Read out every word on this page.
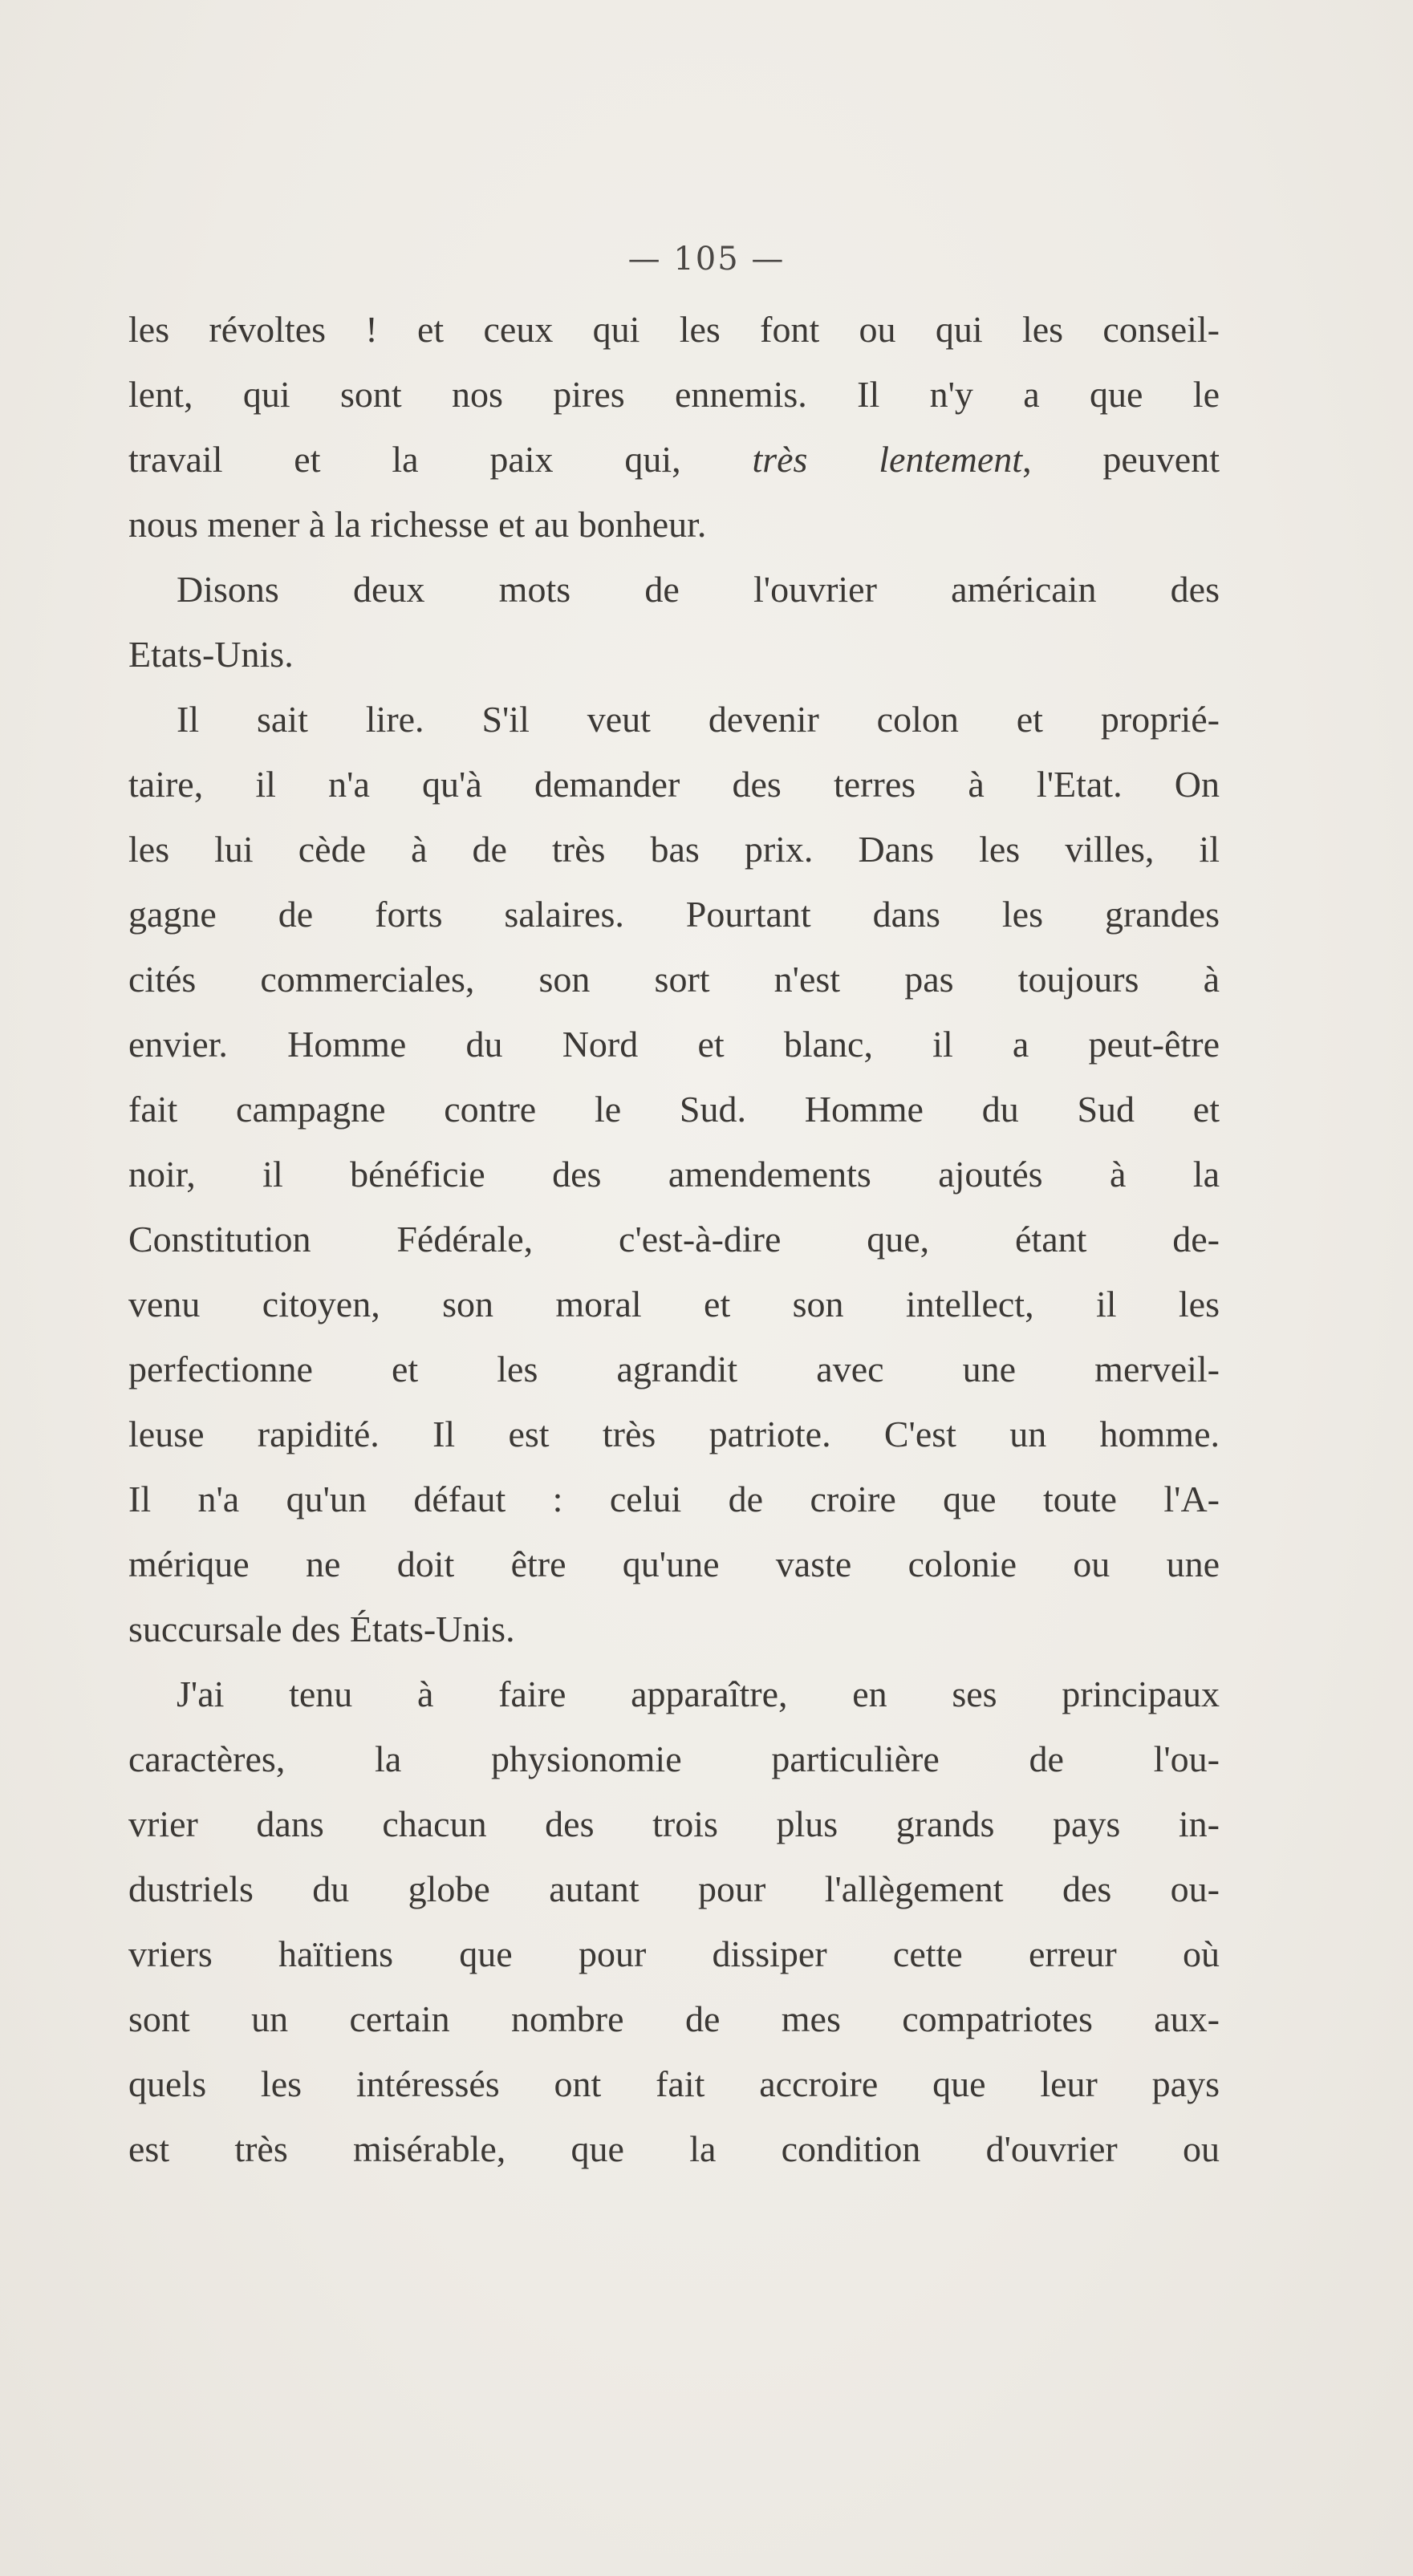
— 105 —
les révoltes ! et ceux qui les font ou qui les conseil-
lent, qui sont nos pires ennemis. Il n'y a que le
travail et la paix qui, très lentement, peuvent
nous mener à la richesse et au bonheur.
Disons deux mots de l'ouvrier américain des
Etats-Unis.
Il sait lire. S'il veut devenir colon et proprié-
taire, il n'a qu'à demander des terres à l'Etat. On
les lui cède à de très bas prix. Dans les villes, il
gagne de forts salaires. Pourtant dans les grandes
cités commerciales, son sort n'est pas toujours à
envier. Homme du Nord et blanc, il a peut-être
fait campagne contre le Sud. Homme du Sud et
noir, il bénéficie des amendements ajoutés à la
Constitution Fédérale, c'est-à-dire que, étant de-
venu citoyen, son moral et son intellect, il les
perfectionne et les agrandit avec une merveil-
leuse rapidité. Il est très patriote. C'est un homme.
Il n'a qu'un défaut : celui de croire que toute l'A-
mérique ne doit être qu'une vaste colonie ou une
succursale des États-Unis.
J'ai tenu à faire apparaître, en ses principaux
caractères, la physionomie particulière de l'ou-
vrier dans chacun des trois plus grands pays in-
dustriels du globe autant pour l'allègement des ou-
vriers haïtiens que pour dissiper cette erreur où
sont un certain nombre de mes compatriotes aux-
quels les intéressés ont fait accroire que leur pays
est très misérable, que la condition d'ouvrier ou
